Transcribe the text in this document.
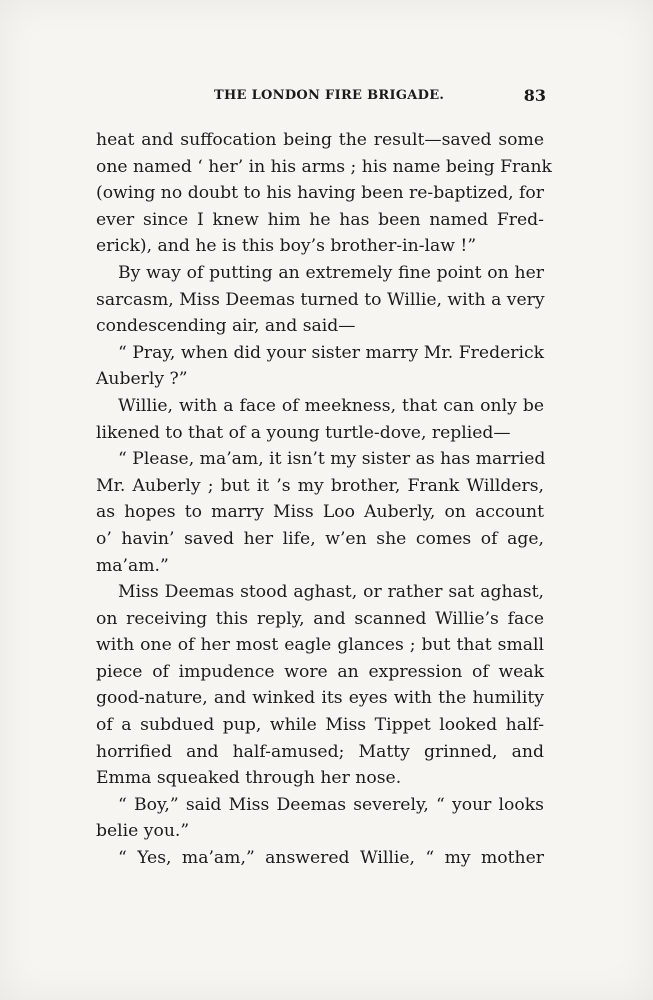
THE LONDON FIRE BRIGADE.	83
heat and suffocation being the result—saved some
one named ‘ her’ in his arms ; his name being Frank
(owing no doubt to his having been re-baptized, for
ever since I knew him he has been named Fred-
erick), and he is this boy’s brother-in-law !”
By way of putting an extremely fine point on her
sarcasm, Miss Deemas turned to Willie, with a very
condescending air, and said—
“ Pray, when did your sister marry Mr. Frederick
Auberly ?”
Willie, with a face of meekness, that can only be
likened to that of a young turtle-dove, replied—
“ Please, ma’am, it isn’t my sister as has married
Mr. Auberly ; but it ’s my brother, Frank Willders,
as hopes to marry Miss Loo Auberly, on account
o’ havin’ saved her life, w’en she comes of age,
ma’am.”
Miss Deemas stood aghast, or rather sat aghast,
on receiving this reply, and scanned Willie’s face
with one of her most eagle glances ; but that small
piece of impudence wore an expression of weak
good-nature, and winked its eyes with the humility
of a subdued pup, while Miss Tippet looked half-
horrified and half-amused; Matty grinned, and
Emma squeaked through her nose.
“ Boy,” said Miss Deemas severely, “ your looks
belie you.”
“ Yes, ma’am,” answered Willie, “ my mother
